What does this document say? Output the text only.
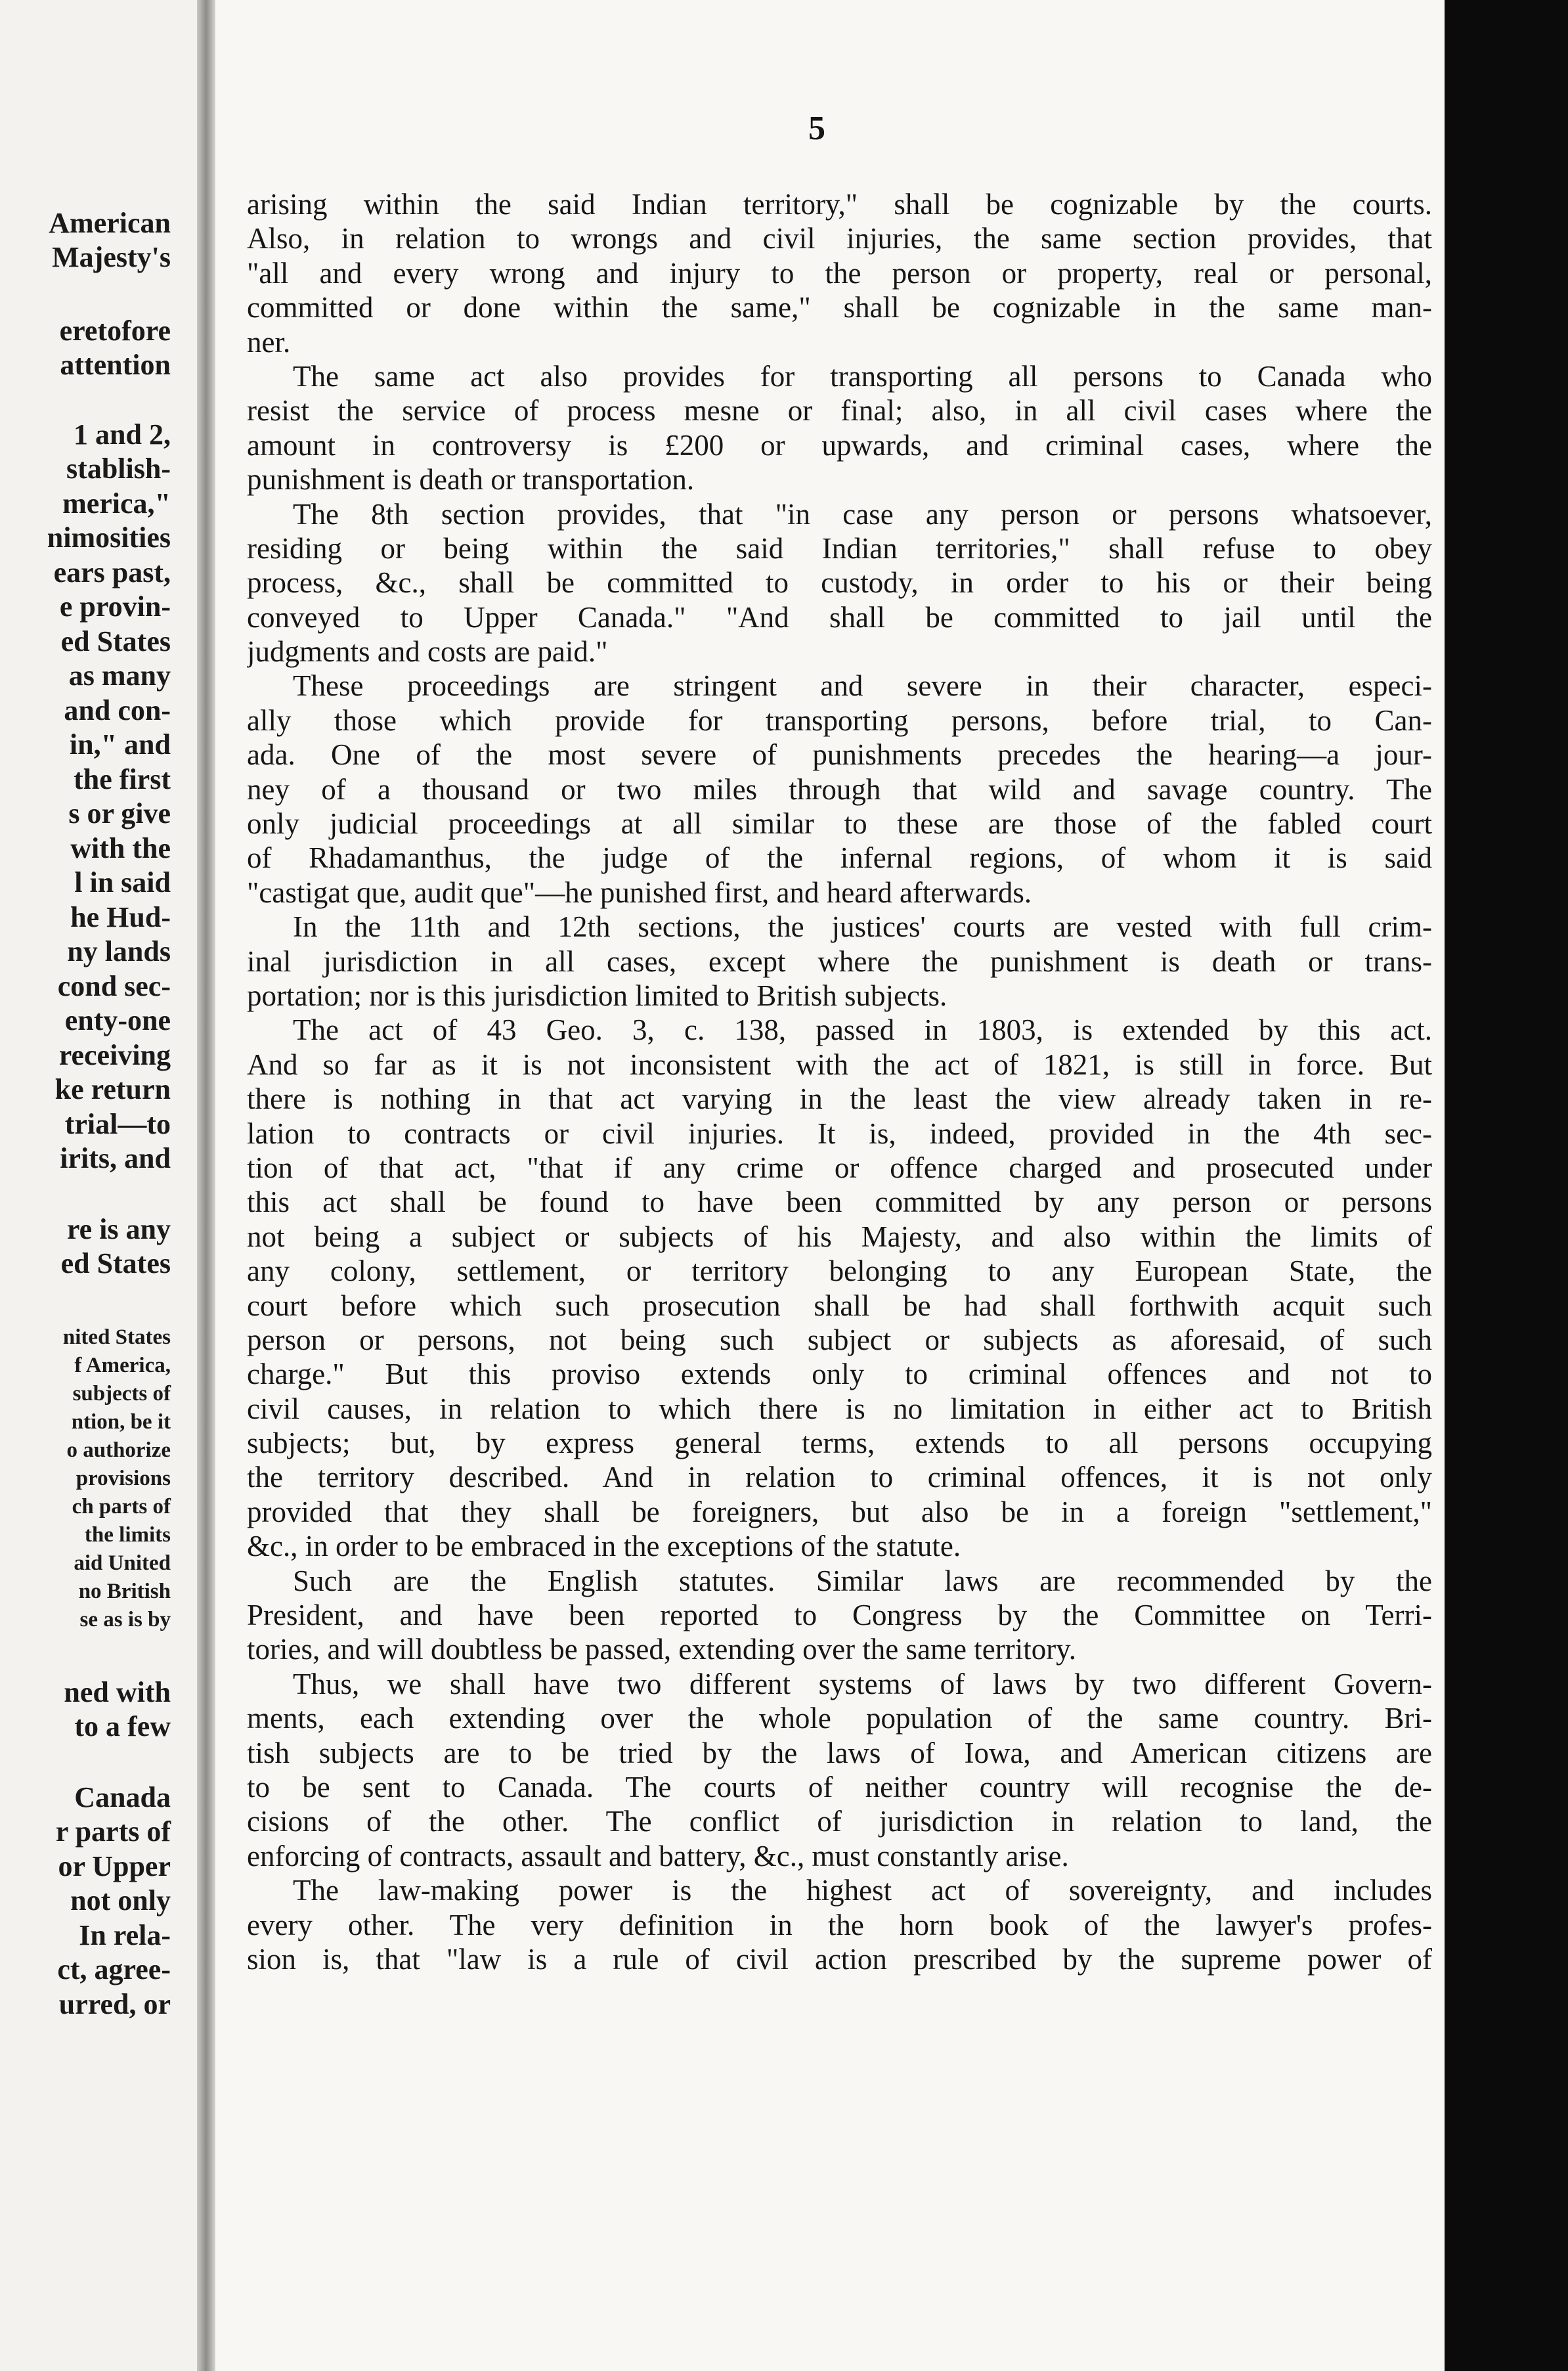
American
Majesty's
eretofore
attention
1 and 2,
stablish-
merica,"
nimosities
ears past,
e provin-
ed States
as many
and con-
in," and
the first
s or give
with the
l in said
he Hud-
ny lands
cond sec-
enty-one
receiving
ke return
trial—to
irits, and
re is any
ed States
nited States
f America,
subjects of
ntion, be it
o authorize
provisions
ch parts of
the limits
aid United
no British
se as is by
ned with
to a few
Canada
r parts of
or Upper
not only
In rela-
ct, agree-
urred, or
5
arising within the said Indian territory," shall be cognizable by the courts.
Also, in relation to wrongs and civil injuries, the same section provides, that
"all and every wrong and injury to the person or property, real or personal,
committed or done within the same," shall be cognizable in the same man-
ner.
The same act also provides for transporting all persons to Canada who
resist the service of process mesne or final; also, in all civil cases where the
amount in controversy is £200 or upwards, and criminal cases, where the
punishment is death or transportation.
The 8th section provides, that "in case any person or persons whatsoever,
residing or being within the said Indian territories," shall refuse to obey
process, &c., shall be committed to custody, in order to his or their being
conveyed to Upper Canada." "And shall be committed to jail until the
judgments and costs are paid."
These proceedings are stringent and severe in their character, especi-
ally those which provide for transporting persons, before trial, to Can-
ada. One of the most severe of punishments precedes the hearing—a jour-
ney of a thousand or two miles through that wild and savage country. The
only judicial proceedings at all similar to these are those of the fabled court
of Rhadamanthus, the judge of the infernal regions, of whom it is said
"castigat que, audit que"—he punished first, and heard afterwards.
In the 11th and 12th sections, the justices' courts are vested with full crim-
inal jurisdiction in all cases, except where the punishment is death or trans-
portation; nor is this jurisdiction limited to British subjects.
The act of 43 Geo. 3, c. 138, passed in 1803, is extended by this act.
And so far as it is not inconsistent with the act of 1821, is still in force. But
there is nothing in that act varying in the least the view already taken in re-
lation to contracts or civil injuries. It is, indeed, provided in the 4th sec-
tion of that act, "that if any crime or offence charged and prosecuted under
this act shall be found to have been committed by any person or persons
not being a subject or subjects of his Majesty, and also within the limits of
any colony, settlement, or territory belonging to any European State, the
court before which such prosecution shall be had shall forthwith acquit such
person or persons, not being such subject or subjects as aforesaid, of such
charge." But this proviso extends only to criminal offences and not to
civil causes, in relation to which there is no limitation in either act to British
subjects; but, by express general terms, extends to all persons occupying
the territory described. And in relation to criminal offences, it is not only
provided that they shall be foreigners, but also be in a foreign "settlement,"
&c., in order to be embraced in the exceptions of the statute.
Such are the English statutes. Similar laws are recommended by the
President, and have been reported to Congress by the Committee on Terri-
tories, and will doubtless be passed, extending over the same territory.
Thus, we shall have two different systems of laws by two different Govern-
ments, each extending over the whole population of the same country. Bri-
tish subjects are to be tried by the laws of Iowa, and American citizens are
to be sent to Canada. The courts of neither country will recognise the de-
cisions of the other. The conflict of jurisdiction in relation to land, the
enforcing of contracts, assault and battery, &c., must constantly arise.
The law-making power is the highest act of sovereignty, and includes
every other. The very definition in the horn book of the lawyer's profes-
sion is, that "law is a rule of civil action prescribed by the supreme power of
